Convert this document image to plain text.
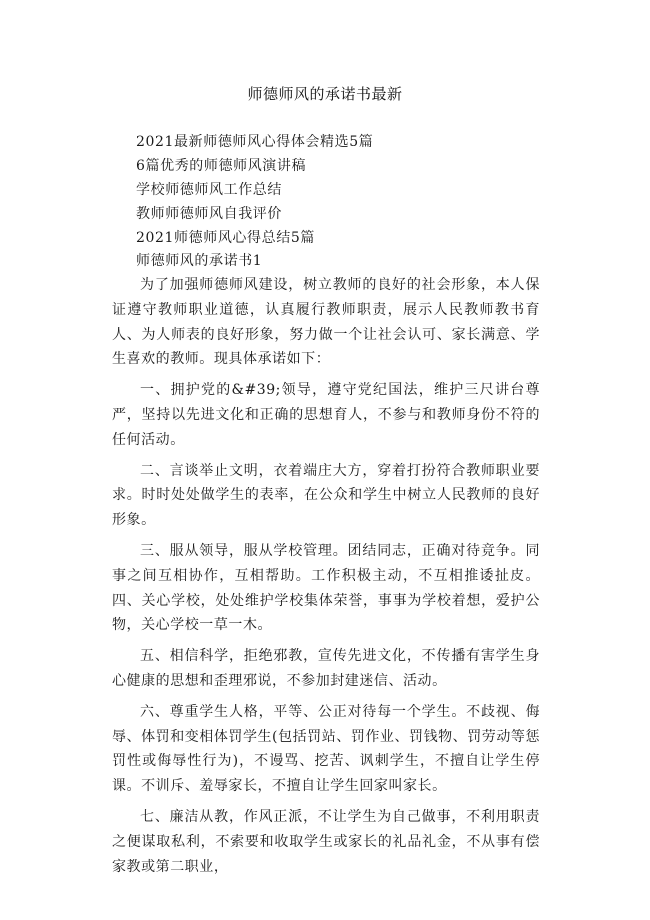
师德师风的承诺书最新
2021最新师德师风心得体会精选5篇
6篇优秀的师德师风演讲稿
学校师德师风工作总结
教师师德师风自我评价
2021师德师风心得总结5篇
师德师风的承诺书1

为了加强师德师风建设，树立教师的良好的社会形象，本人保证遵守教师职业道德，认真履行教师职责，展示人民教师教书育人、为人师表的良好形象，努力做一个让社会认可、家长满意、学生喜欢的教师。现具体承诺如下：

一、拥护党的&#39;领导，遵守党纪国法，维护三尺讲台尊严，坚持以先进文化和正确的思想育人，不参与和教师身份不符的任何活动。

二、言谈举止文明，衣着端庄大方，穿着打扮符合教师职业要求。时时处处做学生的表率，在公众和学生中树立人民教师的良好形象。

三、服从领导，服从学校管理。团结同志，正确对待竞争。同事之间互相协作，互相帮助。工作积极主动，不互相推诿扯皮。四、关心学校，处处维护学校集体荣誉，事事为学校着想，爱护公物，关心学校一草一木。

五、相信科学，拒绝邪教，宣传先进文化，不传播有害学生身心健康的思想和歪理邪说，不参加封建迷信、活动。

六、尊重学生人格，平等、公正对待每一个学生。不歧视、侮辱、体罚和变相体罚学生(包括罚站、罚作业、罚钱物、罚劳动等惩罚性或侮辱性行为)，不谩骂、挖苦、讽刺学生，不擅自让学生停课。不训斥、羞辱家长，不擅自让学生回家叫家长。

七、廉洁从教，作风正派，不让学生为自己做事，不利用职责之便谋取私利，不索要和收取学生或家长的礼品礼金，不从事有偿家教或第二职业，
